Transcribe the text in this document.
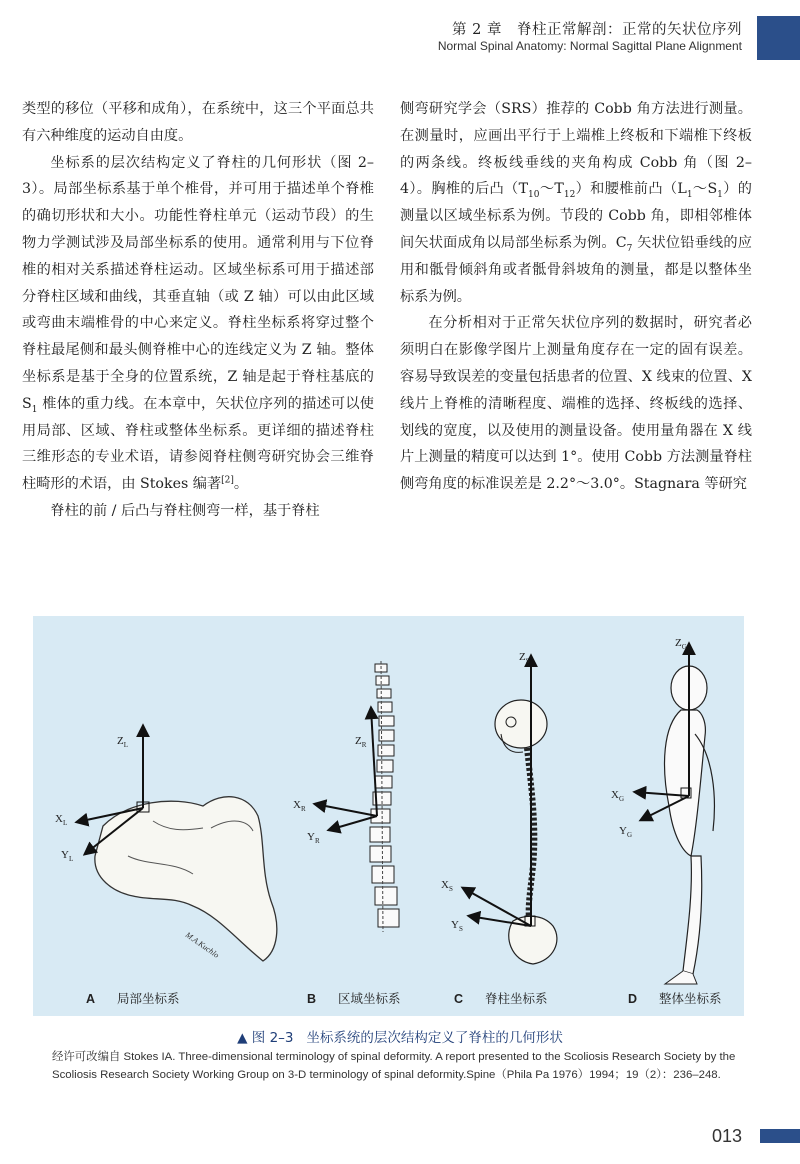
第 2 章　脊柱正常解剖：正常的矢状位序列
Normal Spinal Anatomy: Normal Sagittal Plane Alignment

类型的移位（平移和成角），在系统中，这三个平面总共有六种维度的运动自由度。

坐标系的层次结构定义了脊柱的几何形状（图 2–3）。局部坐标系基于单个椎骨，并可用于描述单个脊椎的确切形状和大小。功能性脊柱单元（运动节段）的生物力学测试涉及局部坐标系的使用。通常利用与下位脊椎的相对关系描述脊柱运动。区域坐标系可用于描述部分脊柱区域和曲线，其垂直轴（或 Z 轴）可以由此区域或弯曲末端椎骨的中心来定义。脊柱坐标系将穿过整个脊柱最尾侧和最头侧脊椎中心的连线定义为 Z 轴。整体坐标系是基于全身的位置系统，Z 轴是起于脊柱基底的 $S_1$ 椎体的重力线。在本章中，矢状位序列的描述可以使用局部、区域、脊柱或整体坐标系。更详细的描述脊柱三维形态的专业术语，请参阅脊柱侧弯研究协会三维脊柱畸形的术语，由 Stokes 编著[2]。

脊柱的前 / 后凸与脊柱侧弯一样，基于脊柱

侧弯研究学会（SRS）推荐的 Cobb 角方法进行测量。在测量时，应画出平行于上端椎上终板和下端椎下终板的两条线。终板线垂线的夹角构成 Cobb 角（图 2–4）。胸椎的后凸$(T_{10}\sim T_{12})$和腰椎前凸$(L_1\sim S_1)$的测量以区域坐标系为例。节段的 Cobb 角，即相邻椎体间矢状面成角以局部坐标系为例。$C_7$ 矢状位铅垂线的应用和骶骨倾斜角或者骶骨斜坡角的测量，都是以整体坐标系为例。

在分析相对于正常矢状位序列的数据时，研究者必须明白在影像学图片上测量角度存在一定的固有误差。容易导致误差的变量包括患者的位置、X 线束的位置、X 线片上脊椎的清晰程度、端椎的选择、终板线的选择、划线的宽度，以及使用的测量设备。使用量角器在 X 线片上测量的精度可以达到 1°。使用 Cobb 方法测量脊柱侧弯角度的标准误差是 2.2°～3.0°。Stagnara 等研究

$Z_L$
$X_L$
$Y_L$
M.A.Kuchlo
$Z_R$
$X_R$
$Y_R$
$Z_S$
$X_S$
$Y_S$
$Z_G$
$X_G$
$Y_G$
A 局部坐标系	B 区域坐标系	C 脊柱坐标系	D 整体坐标系
▲ 图 2–3 坐标系统的层次结构定义了脊柱的几何形状
经许可改编自 Stokes IA. Three-dimensional terminology of spinal deformity. A report presented to the Scoliosis Research Society by the Scoliosis Research Society Working Group on 3-D terminology of spinal deformity.Spine（Phila Pa 1976）1994；19（2）：236–248.
013
